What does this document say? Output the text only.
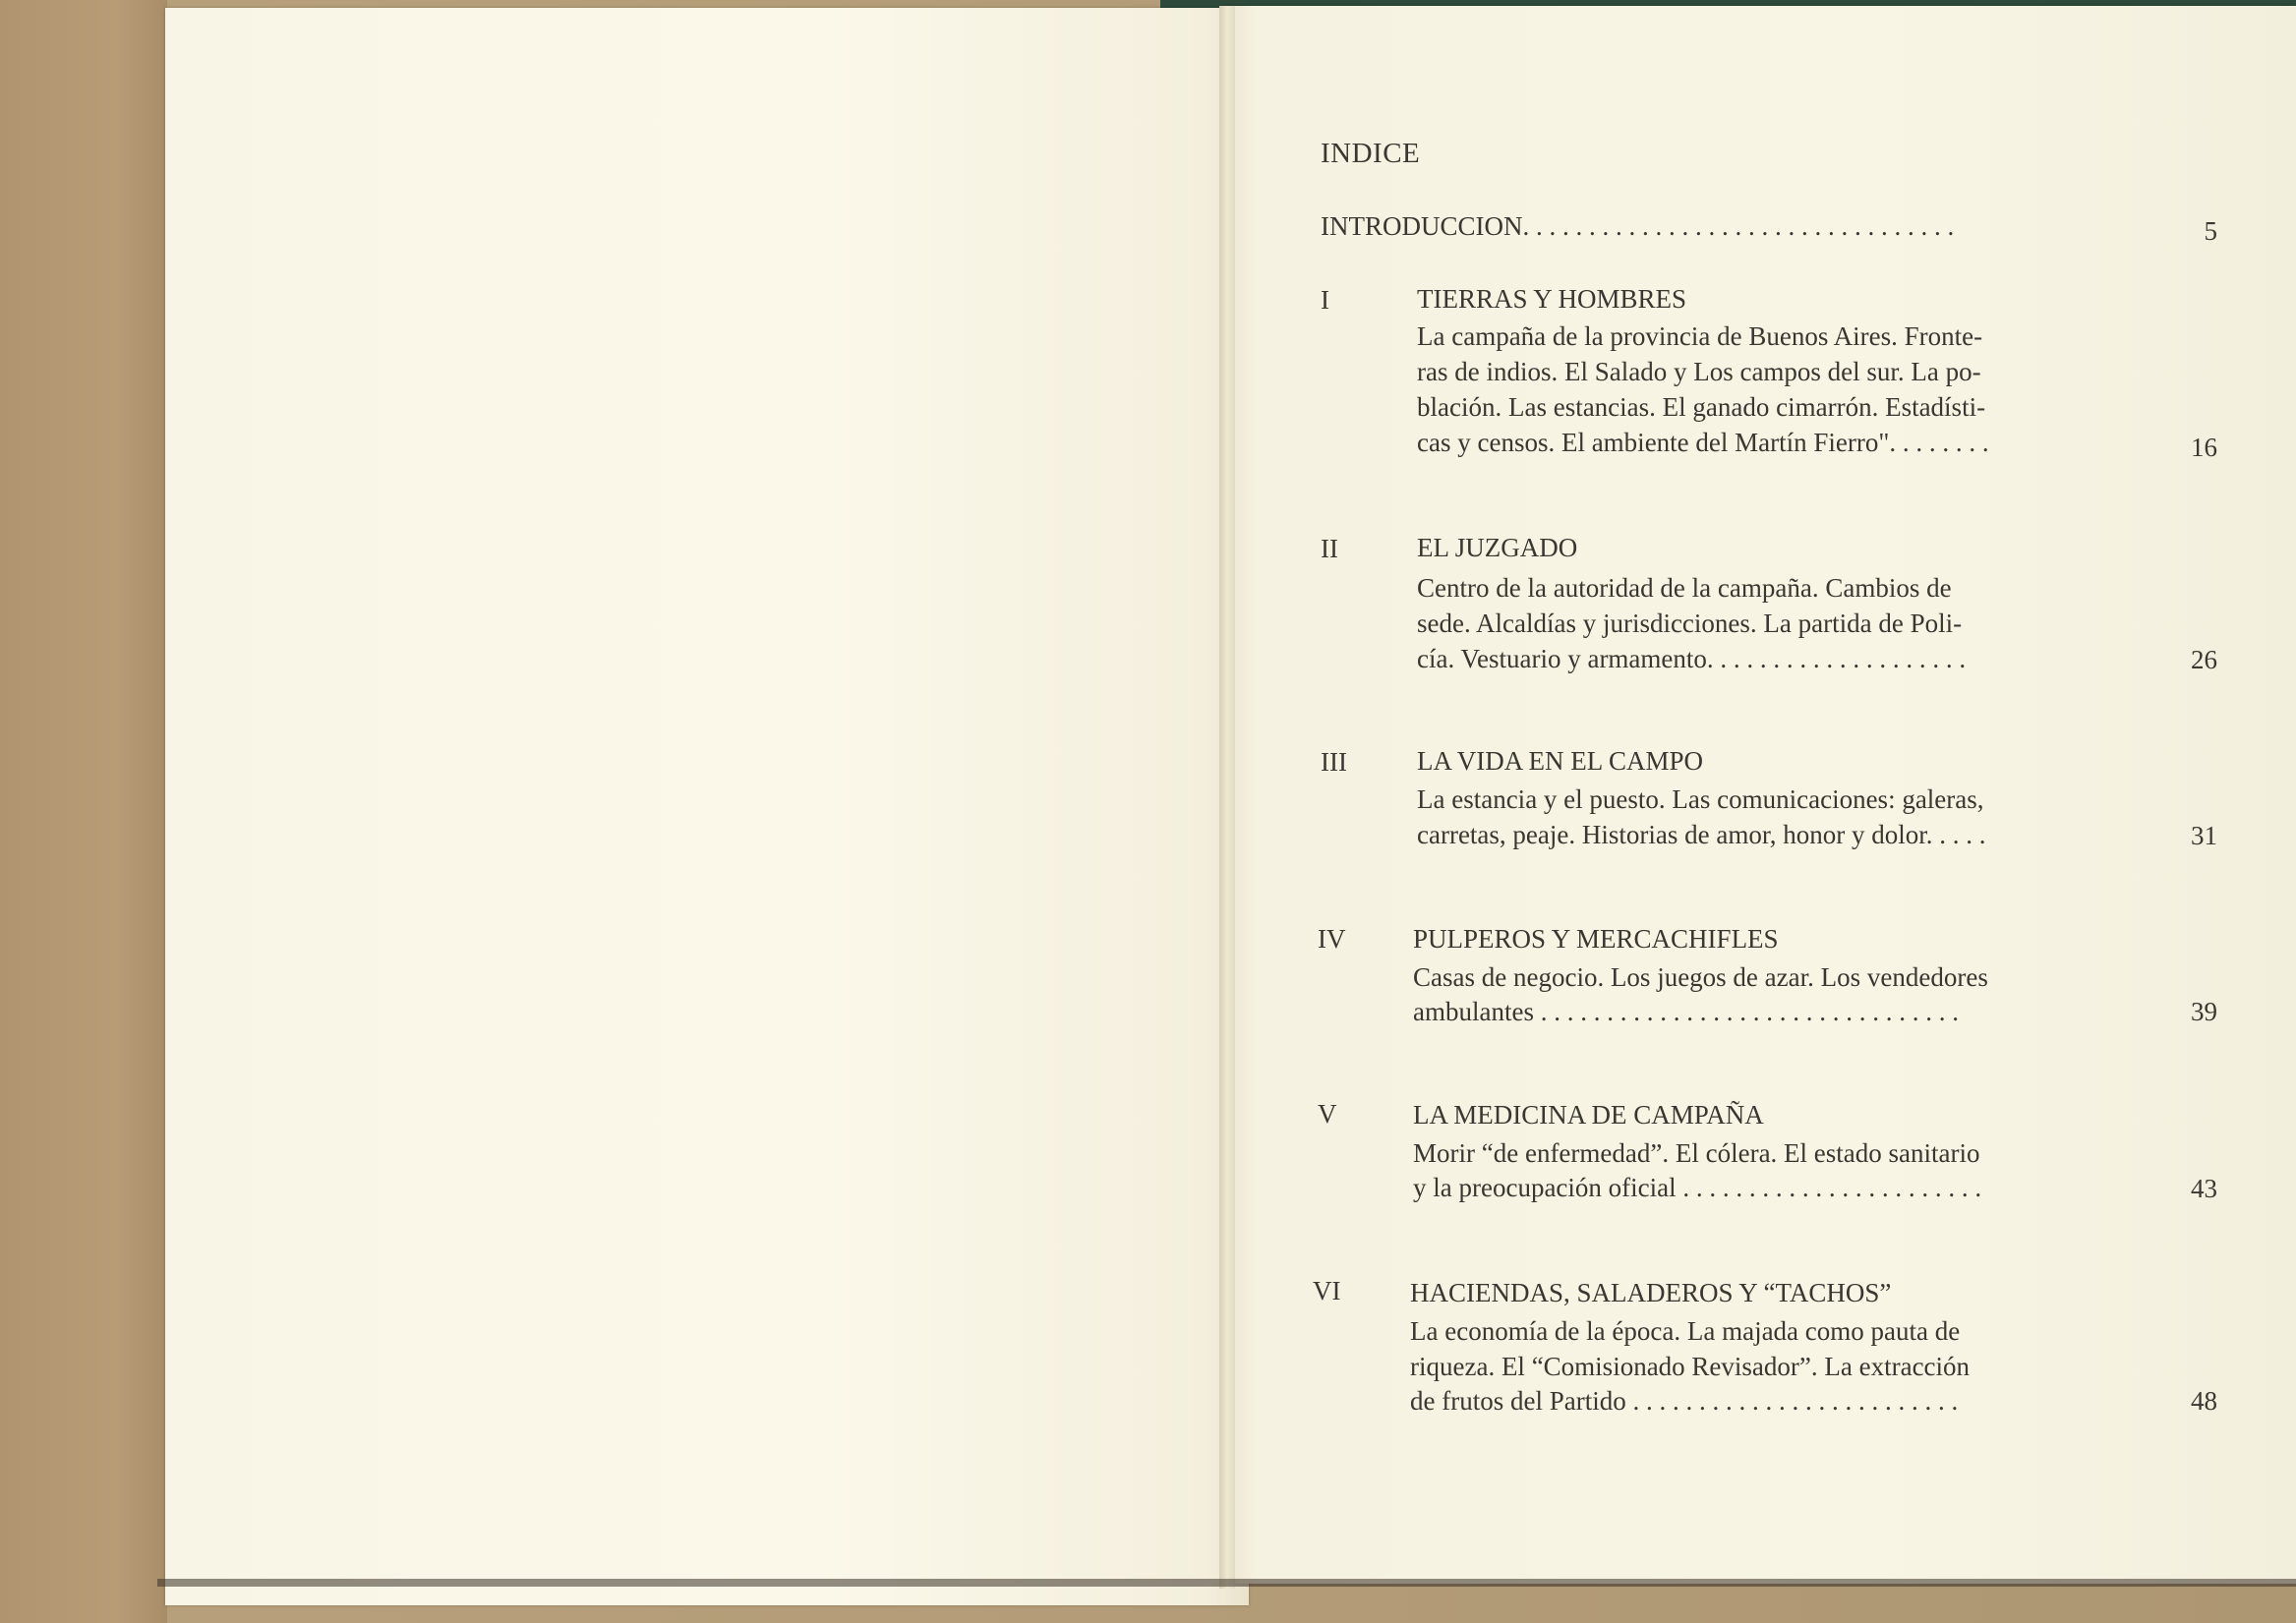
INDICE

INTRODUCCION. . . . . . . . . . . . . . . . . . . . . . . . . . . . . . . . .	5
I	TIERRAS Y HOMBRES

La campaña de la provincia de Buenos Aires. Fronte-

ras de indios. El Salado y Los campos del sur. La po-

blación. Las estancias. El ganado cimarrón. Estadísti-

cas y censos. El ambiente del Martín Fierro". . . . . . . .	16
II	EL JUZGADO

Centro de la autoridad de la campaña. Cambios de

sede. Alcaldías y jurisdicciones. La partida de Poli-

cía. Vestuario y armamento. . . . . . . . . . . . . . . . . . . .	26
III	LA VIDA EN EL CAMPO

La estancia y el puesto. Las comunicaciones: galeras,

carretas, peaje. Historias de amor, honor y dolor. . . . .	31
IV	PULPEROS Y MERCACHIFLES

Casas de negocio. Los juegos de azar. Los vendedores

ambulantes . . . . . . . . . . . . . . . . . . . . . . . . . . . . . . . .	39
V	LA MEDICINA DE CAMPAÑA

Morir “de enfermedad”. El cólera. El estado sanitario

y la preocupación oficial . . . . . . . . . . . . . . . . . . . . . . .	43
VI	HACIENDAS, SALADEROS Y “TACHOS”

La economía de la época. La majada como pauta de

riqueza. El “Comisionado Revisador”. La extracción

de frutos del Partido . . . . . . . . . . . . . . . . . . . . . . . . .	48
